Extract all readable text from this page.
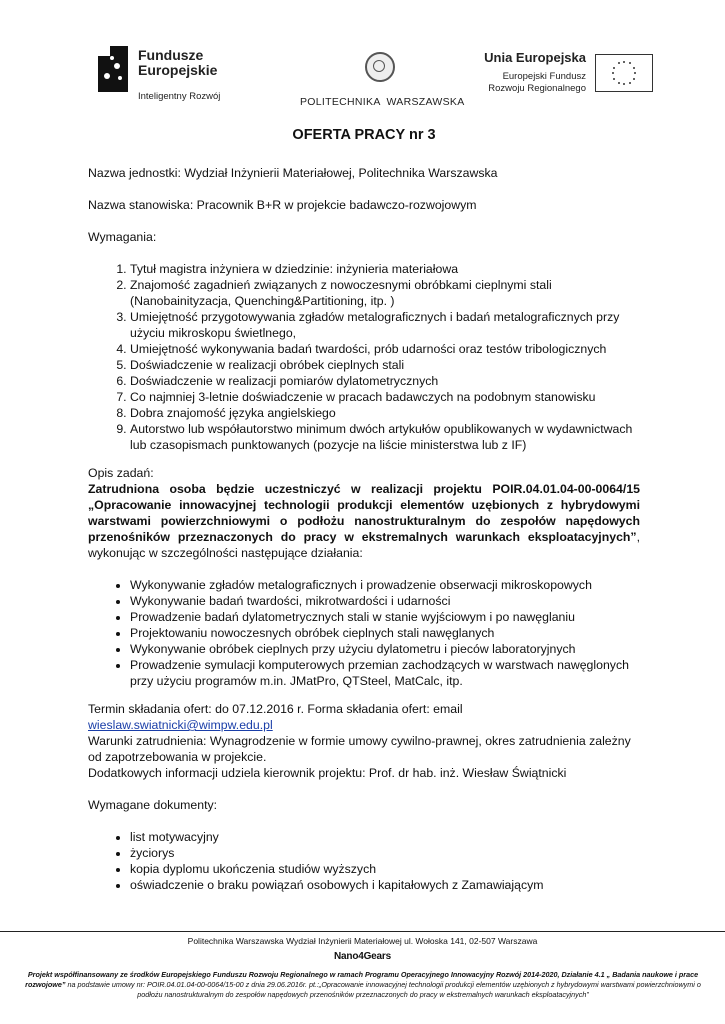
Fundusze
Europejskie
Inteligentny Rozwój	POLITECHNIKA  WARSZAWSKA
Unia Europejska
Europejski Fundusz
Rozwoju Regionalnego
OFERTA PRACY nr 3

Nazwa jednostki: Wydział Inżynierii Materiałowej, Politechnika Warszawska

Nazwa stanowiska: Pracownik B+R w projekcie badawczo-rozwojowym

Wymagania:

1. Tytuł magistra inżyniera w dziedzinie: inżynieria materiałowa
2. Znajomość zagadnień związanych z nowoczesnymi obróbkami cieplnymi stali (Nanobainityzacja, Quenching&Partitioning, itp. )
3. Umiejętność przygotowywania zgładów metalograficznych i badań metalograficznych przy użyciu mikroskopu świetlnego,
4. Umiejętność wykonywania badań twardości, prób udarności oraz testów tribologicznych
5. Doświadczenie w realizacji obróbek cieplnych stali
6. Doświadczenie w realizacji pomiarów dylatometrycznych
7. Co najmniej 3-letnie doświadczenie w pracach badawczych na podobnym stanowisku
8. Dobra znajomość języka angielskiego
9. Autorstwo lub współautorstwo minimum dwóch artykułów opublikowanych w wydawnictwach lub czasopismach punktowanych (pozycje na liście ministerstwa lub z IF)
Opis zadań:

Zatrudniona osoba będzie uczestniczyć w realizacji projektu POIR.04.01.04-00-0064/15 „Opracowanie innowacyjnej technologii produkcji elementów uzębionych z hybrydowymi warstwami powierzchniowymi o podłożu nanostrukturalnym do zespołów napędowych przenośników przeznaczonych do pracy w ekstremalnych warunkach eksploatacyjnych”, wykonując w szczególności następujące działania:

• Wykonywanie zgładów metalograficznych i prowadzenie obserwacji mikroskopowych
• Wykonywanie badań twardości, mikrotwardości i udarności
• Prowadzenie badań dylatometrycznych stali w stanie wyjściowym i po nawęglaniu
• Projektowaniu nowoczesnych obróbek cieplnych stali nawęglanych
• Wykonywanie obróbek cieplnych przy użyciu dylatometru i pieców laboratoryjnych
• Prowadzenie symulacji komputerowych przemian zachodzących w warstwach nawęglonych przy użyciu programów m.in. JMatPro, QTSteel, MatCalc, itp.
Termin składania ofert: do 07.12.2016 r. Forma składania ofert: email
wieslaw.swiatnicki@wimpw.edu.pl
Warunki zatrudnienia: Wynagrodzenie w formie umowy cywilno-prawnej, okres zatrudnienia zależny od zapotrzebowania w projekcie.
Dodatkowych informacji udziela kierownik projektu: Prof. dr hab. inż. Wiesław Świątnicki

Wymagane dokumenty:

• list motywacyjny
• życiorys
• kopia dyplomu ukończenia studiów wyższych
• oświadczenie o braku powiązań osobowych i kapitałowych z Zamawiającym
Politechnika Warszawska Wydział Inżynierii Materiałowej ul. Wołoska 141, 02-507 Warszawa
Nano4Gears
Projekt współfinansowany ze środków Europejskiego Funduszu Rozwoju Regionalnego w ramach Programu Operacyjnego Innowacyjny Rozwój 2014-2020, Działanie 4.1 „ Badania naukowe i prace rozwojowe” na podstawie umowy nr: POIR.04.01.04-00-0064/15-00 z dnia 29.06.2016r. pt.:„Opracowanie innowacyjnej technologii produkcji elementów uzębionych z hybrydowymi warstwami powierzchniowymi o podłożu nanostrukturalnym do zespołów napędowych przenośników przeznaczonych do pracy w ekstremalnych warunkach eksploatacyjnych”
